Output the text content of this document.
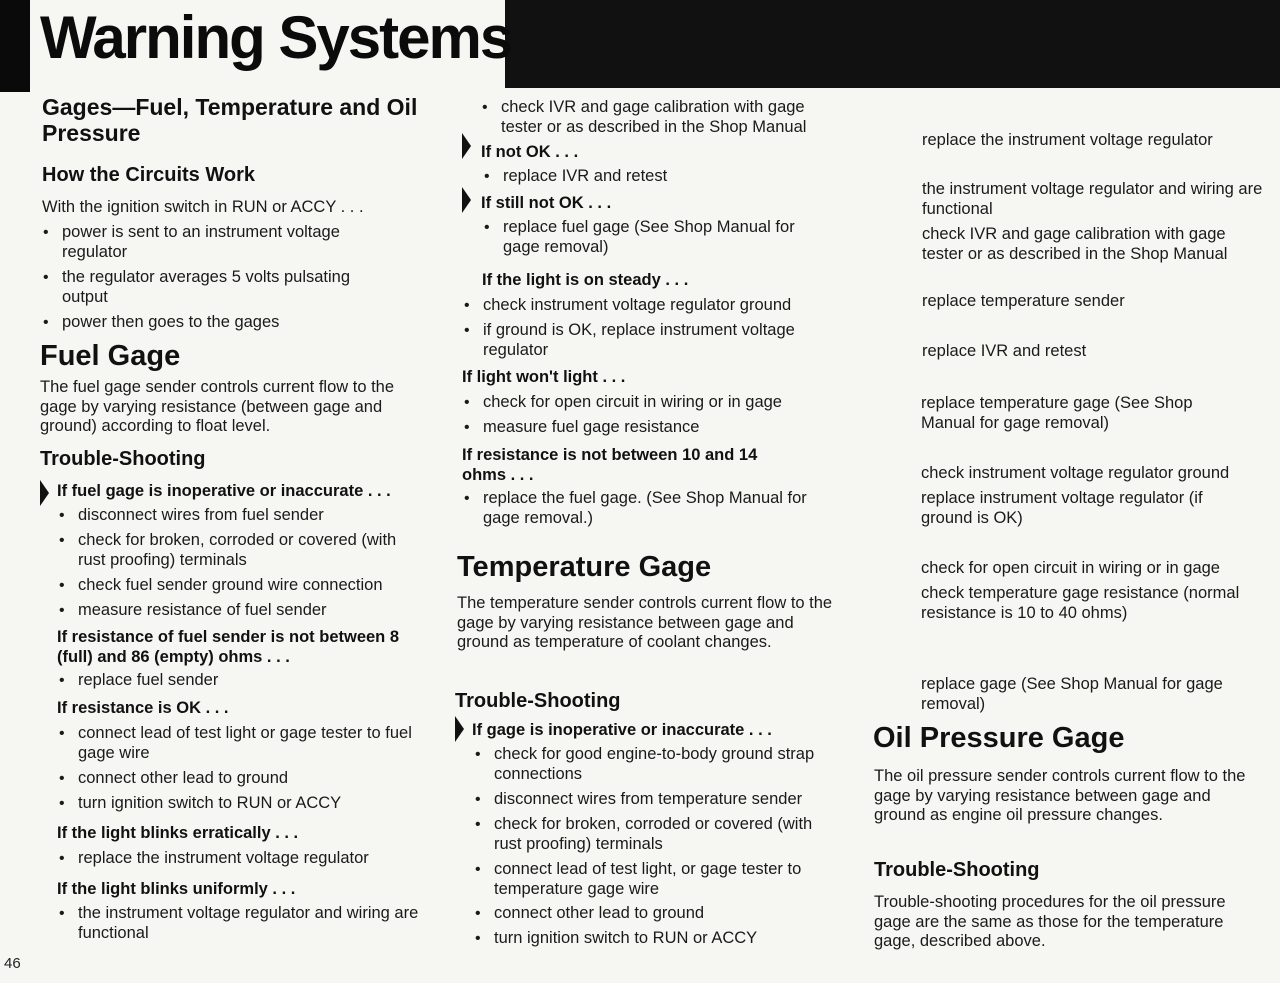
Warning Systems
Gages—Fuel, Temperature and Oil Pressure
How the Circuits Work
With the ignition switch in RUN or ACCY . . .
• power is sent to an instrument voltage regulator
• the regulator averages 5 volts pulsating output
• power then goes to the gages
Fuel Gage
The fuel gage sender controls current flow to the gage by varying resistance (between gage and ground) according to float level.
Trouble-Shooting
If fuel gage is inoperative or inaccurate . . .
• disconnect wires from fuel sender
• check for broken, corroded or covered (with rust proofing) terminals
• check fuel sender ground wire connection
• measure resistance of fuel sender
If resistance of fuel sender is not between 8 (full) and 86 (empty) ohms . . .
• replace fuel sender
If resistance is OK . . .
• connect lead of test light or gage tester to fuel gage wire
• connect other lead to ground
• turn ignition switch to RUN or ACCY
If the light blinks erratically . . .
• replace the instrument voltage regulator
If the light blinks uniformly . . .
• the instrument voltage regulator and wiring are functional
46
• check IVR and gage calibration with gage tester or as described in the Shop Manual
If not OK . . .
• replace IVR and retest
If still not OK . . .
• replace fuel gage (See Shop Manual for gage removal)
If the light is on steady . . .
• check instrument voltage regulator ground
• if ground is OK, replace instrument voltage regulator
If light won't light . . .
• check for open circuit in wiring or in gage
• measure fuel gage resistance
If resistance is not between 10 and 14 ohms . . .
• replace the fuel gage. (See Shop Manual for gage removal.)
Temperature Gage
The temperature sender controls current flow to the gage by varying resistance between gage and ground as temperature of coolant changes.
Trouble-Shooting
If gage is inoperative or inaccurate . . .
• check for good engine-to-body ground strap connections
• disconnect wires from temperature sender
• check for broken, corroded or covered (with rust proofing) terminals
• connect lead of test light, or gage tester to temperature gage wire
• connect other lead to ground
• turn ignition switch to RUN or ACCY
replace the instrument voltage regulator
the instrument voltage regulator and wiring are functional
check IVR and gage calibration with gage tester or as described in the Shop Manual
replace temperature sender
replace IVR and retest
replace temperature gage (See Shop Manual for gage removal)
check instrument voltage regulator ground
replace instrument voltage regulator (if ground is OK)
check for open circuit in wiring or in gage
check temperature gage resistance (normal resistance is 10 to 40 ohms)
replace gage (See Shop Manual for gage removal)
Oil Pressure Gage
The oil pressure sender controls current flow to the gage by varying resistance between gage and ground as engine oil pressure changes.
Trouble-Shooting
Trouble-shooting procedures for the oil pressure gage are the same as those for the temperature gage, described above.
